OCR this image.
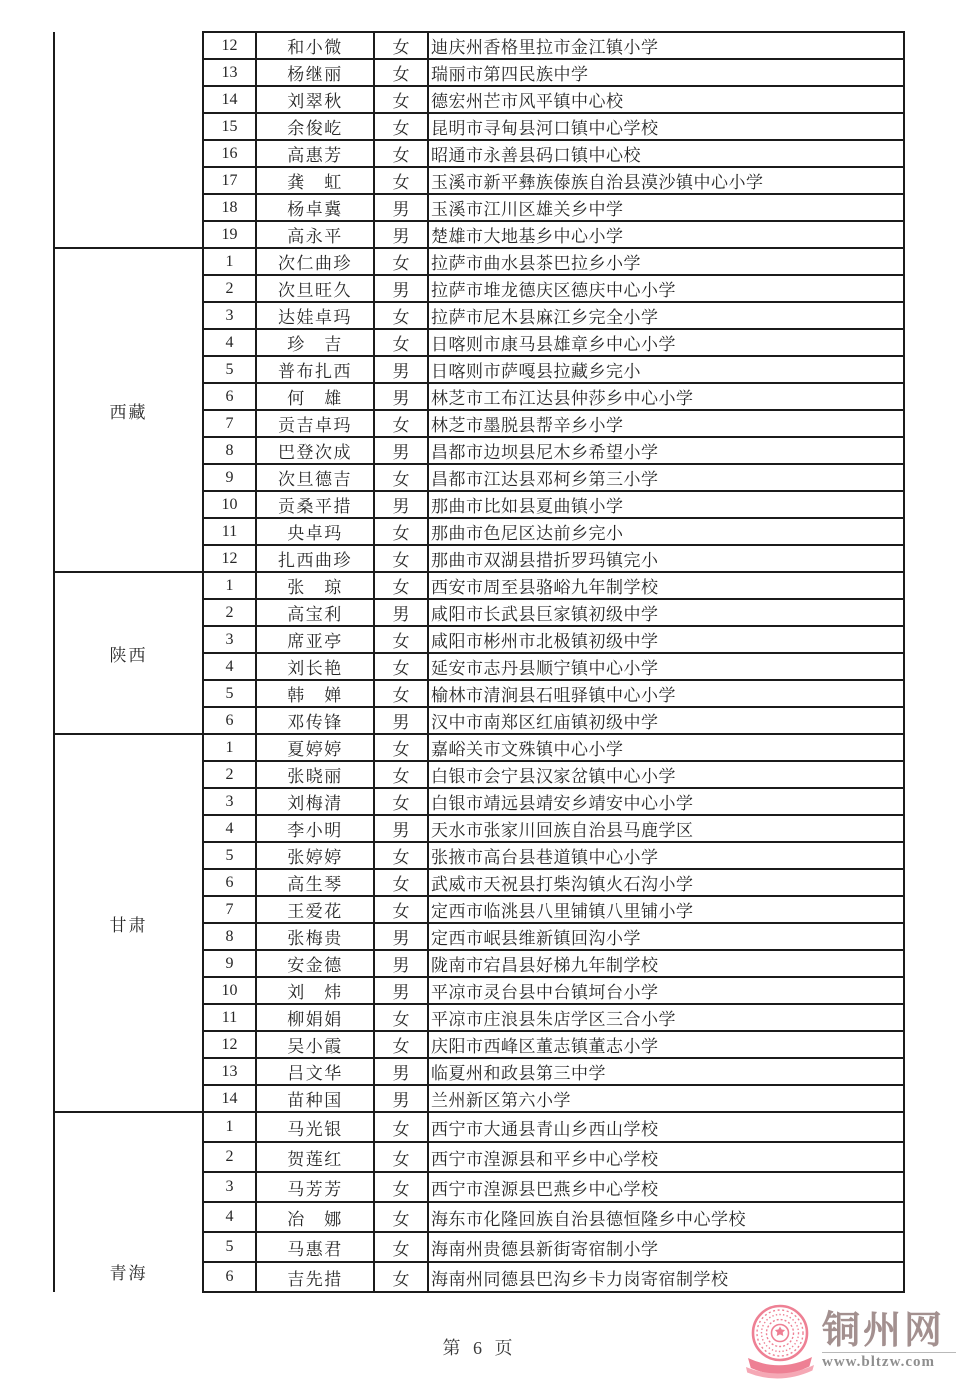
	12	和小微	女	迪庆州香格里拉市金江镇小学
	13	杨继丽	女	瑞丽市第四民族中学
	14	刘翠秋	女	德宏州芒市风平镇中心校
	15	余俊屹	女	昆明市寻甸县河口镇中心学校
	16	高惠芳	女	昭通市永善县码口镇中心校
	17	龚　虹	女	玉溪市新平彝族傣族自治县漠沙镇中心小学
	18	杨卓冀	男	玉溪市江川区雄关乡中学
	19	高永平	男	楚雄市大地基乡中心小学
西藏	1	次仁曲珍	女	拉萨市曲水县茶巴拉乡小学
	2	次旦旺久	男	拉萨市堆龙德庆区德庆中心小学
	3	达娃卓玛	女	拉萨市尼木县麻江乡完全小学
	4	珍　吉	女	日喀则市康马县雄章乡中心小学
	5	普布扎西	男	日喀则市萨嘎县拉藏乡完小
	6	何　雄	男	林芝市工布江达县仲莎乡中心小学
	7	贡吉卓玛	女	林芝市墨脱县帮辛乡小学
	8	巴登次成	男	昌都市边坝县尼木乡希望小学
	9	次旦德吉	女	昌都市江达县邓柯乡第三小学
	10	贡桑平措	男	那曲市比如县夏曲镇小学
	11	央卓玛	女	那曲市色尼区达前乡完小
	12	扎西曲珍	女	那曲市双湖县措折罗玛镇完小
陕西	1	张　琼	女	西安市周至县骆峪九年制学校
	2	高宝利	男	咸阳市长武县巨家镇初级中学
	3	席亚亭	女	咸阳市彬州市北极镇初级中学
	4	刘长艳	女	延安市志丹县顺宁镇中心小学
	5	韩　婵	女	榆林市清涧县石咀驿镇中心小学
	6	邓传锋	男	汉中市南郑区红庙镇初级中学
甘肃	1	夏婷婷	女	嘉峪关市文殊镇中心小学
	2	张晓丽	女	白银市会宁县汉家岔镇中心小学
	3	刘梅清	女	白银市靖远县靖安乡靖安中心小学
	4	李小明	男	天水市张家川回族自治县马鹿学区
	5	张婷婷	女	张掖市高台县巷道镇中心小学
	6	高生琴	女	武威市天祝县打柴沟镇火石沟小学
	7	王爱花	女	定西市临洮县八里铺镇八里铺小学
	8	张梅贵	男	定西市岷县维新镇回沟小学
	9	安金德	男	陇南市宕昌县好梯九年制学校
	10	刘　炜	男	平凉市灵台县中台镇坷台小学
	11	柳娟娟	女	平凉市庄浪县朱店学区三合小学
	12	吴小霞	女	庆阳市西峰区董志镇董志小学
	13	吕文华	男	临夏州和政县第三中学
	14	苗种国	男	兰州新区第六小学
青海	1	马光银	女	西宁市大通县青山乡西山学校
	2	贺莲红	女	西宁市湟源县和平乡中心学校
	3	马芳芳	女	西宁市湟源县巴燕乡中心学校
	4	冶　娜	女	海东市化隆回族自治县德恒隆乡中心学校
	5	马惠君	女	海南州贵德县新街寄宿制小学
	6	吉先措	女	海南州同德县巴沟乡卡力岗寄宿制学校
第 6 页	铜州网
www.bltzw.com
